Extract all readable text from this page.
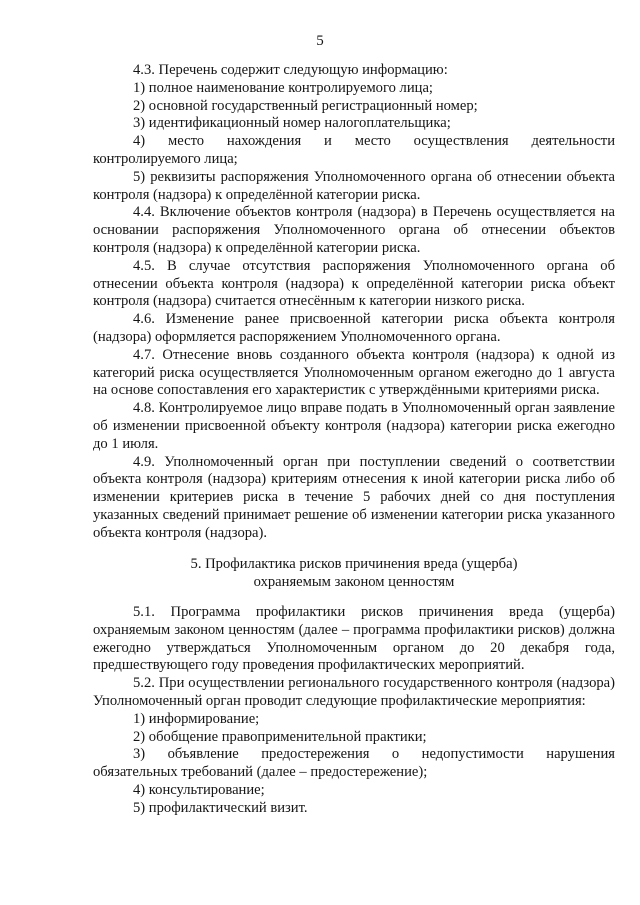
5

4.3. Перечень содержит следующую информацию:

1) полное наименование контролируемого лица;

2) основной государственный регистрационный номер;

3) идентификационный номер налогоплательщика;

4) место нахождения и место осуществления деятельности
контролируемого лица;

5) реквизиты распоряжения Уполномоченного органа об отнесении объекта контроля (надзора) к определённой категории риска.

4.4. Включение объектов контроля (надзора) в Перечень осуществляется на основании распоряжения Уполномоченного органа об отнесении объектов контроля (надзора) к определённой категории риска.

4.5. В случае отсутствия распоряжения Уполномоченного органа об отнесении объекта контроля (надзора) к определённой категории риска объект контроля (надзора) считается отнесённым к категории низкого риска.

4.6. Изменение ранее присвоенной категории риска объекта контроля (надзора) оформляется распоряжением Уполномоченного органа.

4.7. Отнесение вновь созданного объекта контроля (надзора) к одной из категорий риска осуществляется Уполномоченным органом ежегодно до 1 августа на основе сопоставления его характеристик с утверждёнными критериями риска.

4.8. Контролируемое лицо вправе подать в Уполномоченный орган заявление об изменении присвоенной объекту контроля (надзора) категории риска ежегодно до 1 июля.

4.9. Уполномоченный орган при поступлении сведений о соответствии объекта контроля (надзора) критериям отнесения к иной категории риска либо об изменении критериев риска в течение 5 рабочих дней со дня поступления указанных сведений принимает решение об изменении категории риска указанного объекта контроля (надзора).

5. Профилактика рисков причинения вреда (ущерба)
охраняемым законом ценностям

5.1. Программа профилактики рисков причинения вреда (ущерба) охраняемым законом ценностям (далее – программа профилактики рисков) должна ежегодно утверждаться Уполномоченным органом до 20 декабря года, предшествующего году проведения профилактических мероприятий.

5.2. При осуществлении регионального государственного контроля (надзора) Уполномоченный орган проводит следующие профилактические мероприятия:

1) информирование;

2) обобщение правоприменительной практики;

3) объявление предостережения о недопустимости нарушения
обязательных требований (далее – предостережение);

4) консультирование;

5) профилактический визит.
